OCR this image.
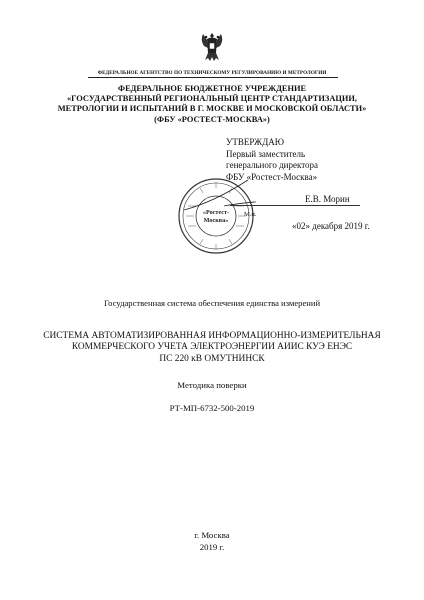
ФЕДЕРАЛЬНОЕ АГЕНТСТВО ПО ТЕХНИЧЕСКОМУ РЕГУЛИРОВАНИЮ И МЕТРОЛОГИИ
ФЕДЕРАЛЬНОЕ БЮДЖЕТНОЕ УЧРЕЖДЕНИЕ
«ГОСУДАРСТВЕННЫЙ РЕГИОНАЛЬНЫЙ ЦЕНТР СТАНДАРТИЗАЦИИ,
МЕТРОЛОГИИ И ИСПЫТАНИЙ В Г. МОСКВЕ И МОСКОВСКОЙ ОБЛАСТИ»
(ФБУ «РОСТЕСТ-МОСКВА»)
УТВЕРЖДАЮ
Первый заместитель
генерального директора
ФБУ «Ростест-Москва»
«Ростест-
Москва»
Е.В. Морин
М.п.
«02» декабря 2019 г.
Государственная система обеспечения единства измерений
СИСТЕМА АВТОМАТИЗИРОВАННАЯ ИНФОРМАЦИОННО-ИЗМЕРИТЕЛЬНАЯ
КОММЕРЧЕСКОГО УЧЕТА ЭЛЕКТРОЭНЕРГИИ АИИС КУЭ ЕНЭС
ПС 220 кВ ОМУТНИНСК
Методика поверки
РТ-МП-6732-500-2019
г. Москва
2019 г.
